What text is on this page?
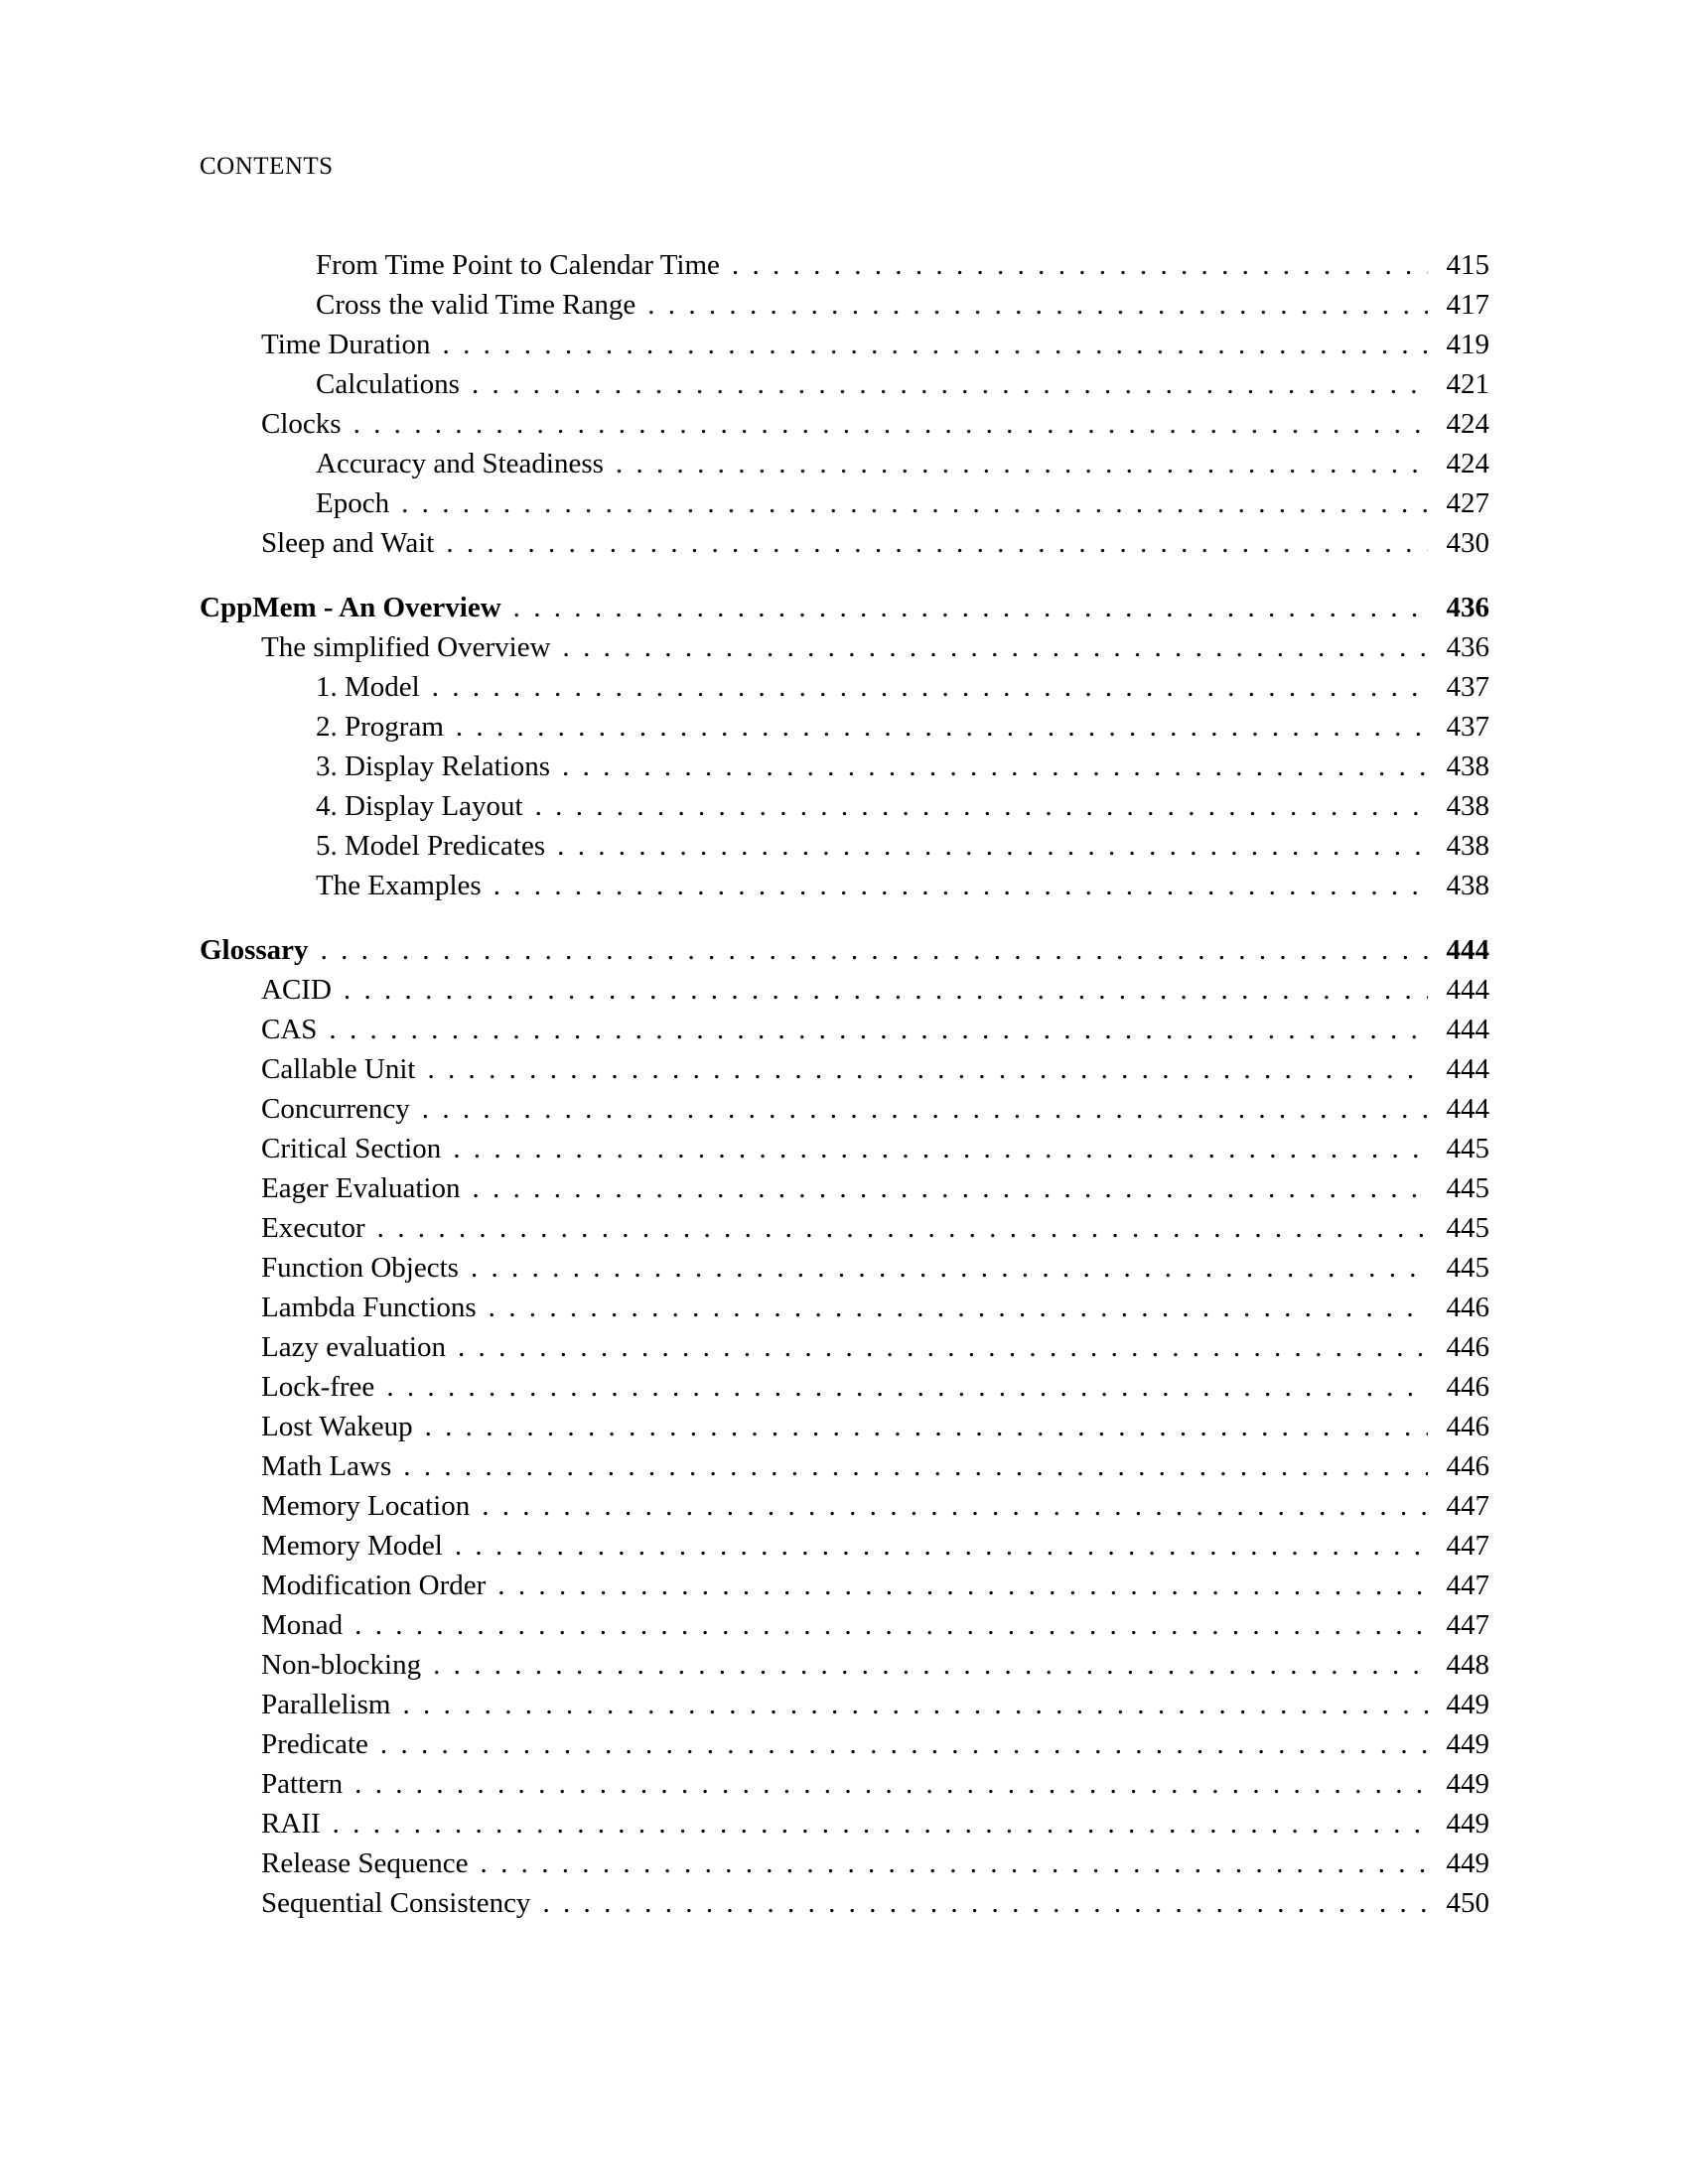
CONTENTS
From Time Point to Calendar Time .....	415
Cross the valid Time Range .....	417
Time Duration .....	419
Calculations .....	421
Clocks .....	424
Accuracy and Steadiness .....	424
Epoch .....	427
Sleep and Wait .....	430
CppMem - An Overview .....	436
The simplified Overview .....	436
1. Model .....	437
2. Program .....	437
3. Display Relations .....	438
4. Display Layout .....	438
5. Model Predicates .....	438
The Examples .....	438
Glossary .....	444
ACID .....	444
CAS .....	444
Callable Unit .....	444
Concurrency .....	444
Critical Section .....	445
Eager Evaluation .....	445
Executor .....	445
Function Objects .....	445
Lambda Functions .....	446
Lazy evaluation .....	446
Lock-free .....	446
Lost Wakeup .....	446
Math Laws .....	446
Memory Location .....	447
Memory Model .....	447
Modification Order .....	447
Monad .....	447
Non-blocking .....	448
Parallelism .....	449
Predicate .....	449
Pattern .....	449
RAII .....	449
Release Sequence .....	449
Sequential Consistency .....	450
